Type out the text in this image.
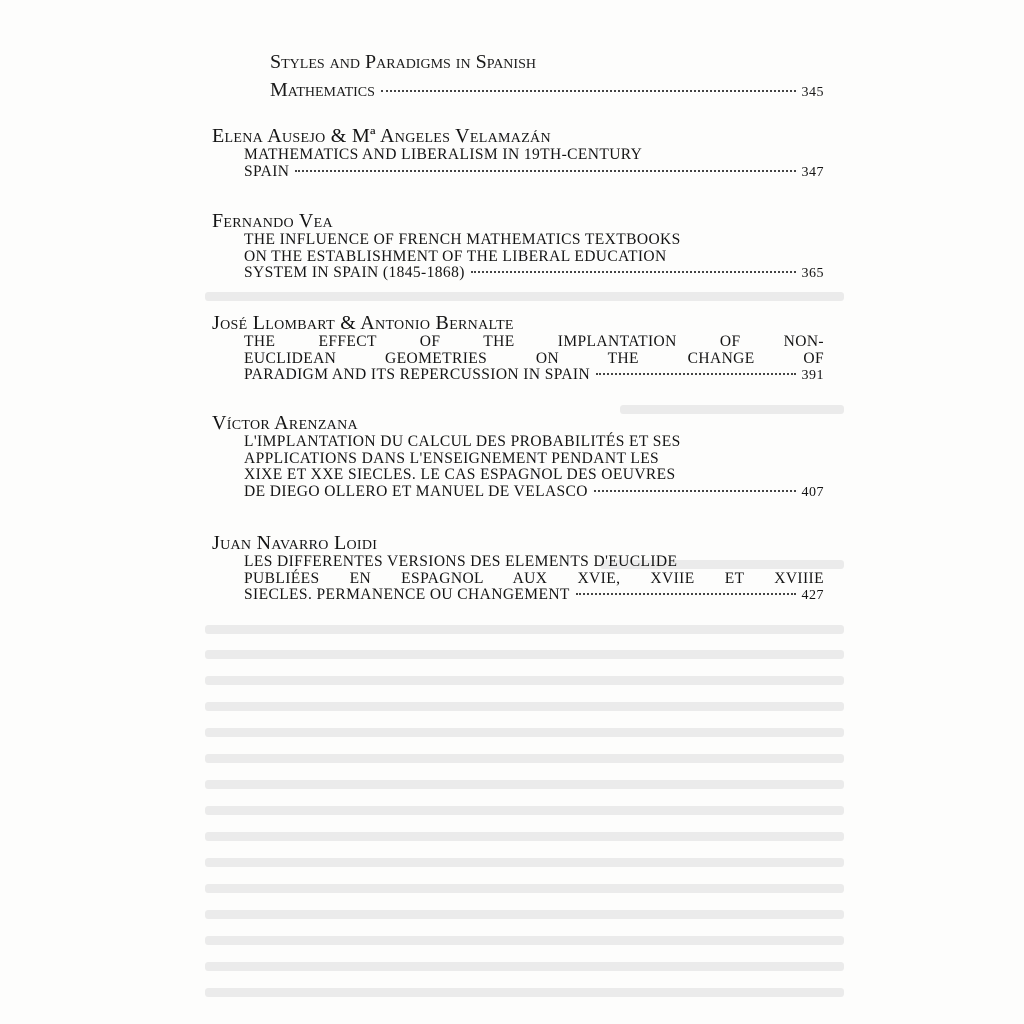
Styles and Paradigms in Spanish
Mathematics	345
Elena Ausejo & Mª Angeles Velamazán
MATHEMATICS AND LIBERALISM IN 19TH-CENTURY
SPAIN	347
Fernando Vea
THE INFLUENCE OF FRENCH MATHEMATICS TEXTBOOKS
ON THE ESTABLISHMENT OF THE LIBERAL EDUCATION
SYSTEM IN SPAIN (1845-1868)	365
José Llombart & Antonio Bernalte
THE EFFECT OF THE IMPLANTATION OF NON-
EUCLIDEAN GEOMETRIES ON THE CHANGE OF
PARADIGM AND ITS REPERCUSSION IN SPAIN	391
Víctor Arenzana
L'IMPLANTATION DU CALCUL DES PROBABILITÉS ET SES
APPLICATIONS DANS L'ENSEIGNEMENT PENDANT LES
XIXE ET XXE SIECLES. LE CAS ESPAGNOL DES OEUVRES
DE DIEGO OLLERO ET MANUEL DE VELASCO	407
Juan Navarro Loidi
LES DIFFERENTES VERSIONS DES ELEMENTS D'EUCLIDE
PUBLIÉES EN ESPAGNOL AUX XVIE, XVIIE ET XVIIIE
SIECLES. PERMANENCE OU CHANGEMENT	427
